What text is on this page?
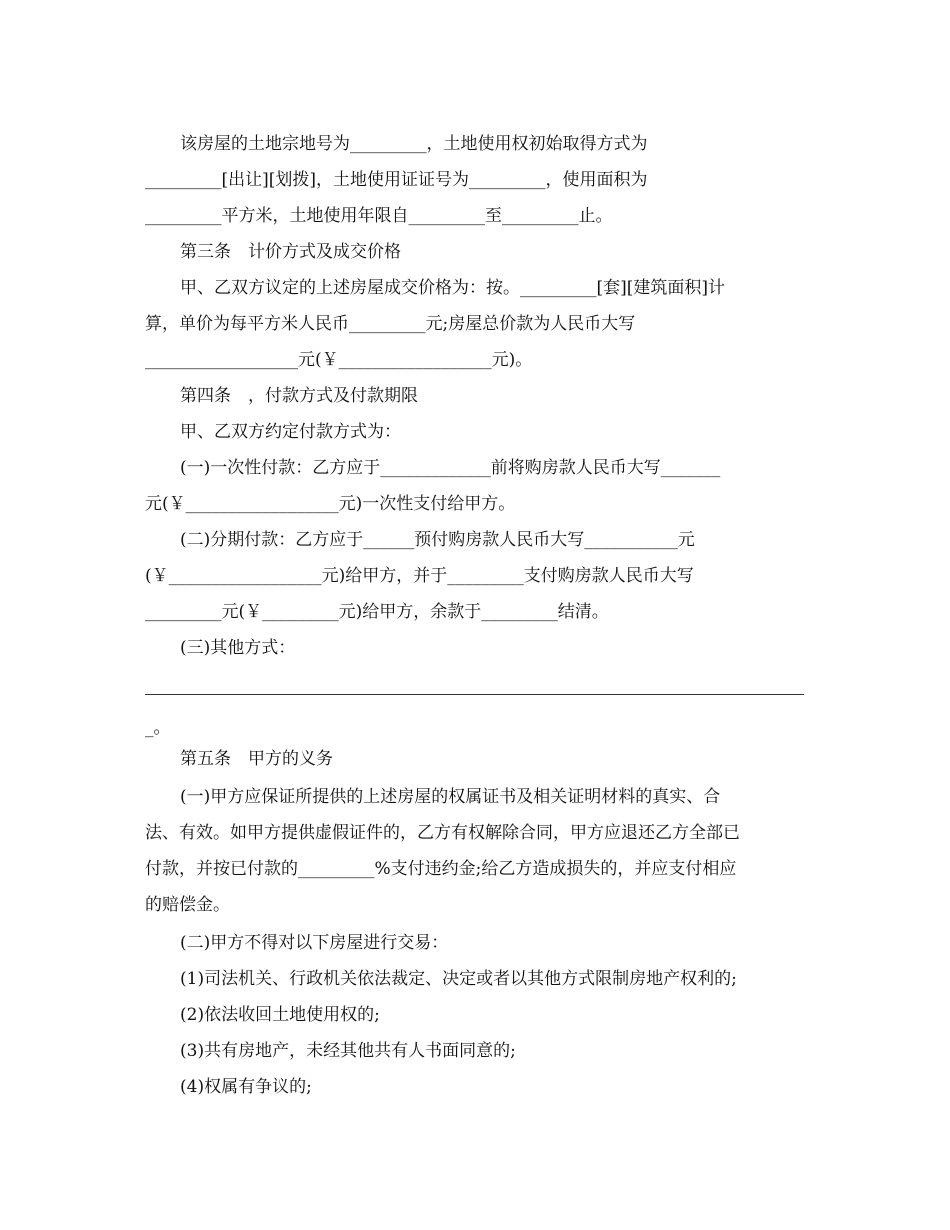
该房屋的土地宗地号为_________，土地使用权初始取得方式为
_________[出让][划拨]，土地使用证证号为_________，使用面积为
_________平方米，土地使用年限自_________至_________止。
第三条　计价方式及成交价格
甲、乙双方议定的上述房屋成交价格为：按。_________[套][建筑面积]计
算，单价为每平方米人民币_________元;房屋总价款为人民币大写
__________________元(￥__________________元)。
第四条　，付款方式及付款期限
甲、乙双方约定付款方式为：
(一)一次性付款：乙方应于_____________前将购房款人民币大写_______
元(￥__________________元)一次性支付给甲方。
(二)分期付款：乙方应于______预付购房款人民币大写___________元
(￥__________________元)给甲方，并于_________支付购房款人民币大写
_________元(￥_________元)给甲方，余款于_________结清。
(三)其他方式：
_。
第五条　甲方的义务
(一)甲方应保证所提供的上述房屋的权属证书及相关证明材料的真实、合
法、有效。如甲方提供虚假证件的，乙方有权解除合同，甲方应退还乙方全部已
付款，并按已付款的_________%支付违约金;给乙方造成损失的，并应支付相应
的赔偿金。
(二)甲方不得对以下房屋进行交易：
(1)司法机关、行政机关依法裁定、决定或者以其他方式限制房地产权利的;
(2)依法收回土地使用权的;
(3)共有房地产，未经其他共有人书面同意的;
(4)权属有争议的;
